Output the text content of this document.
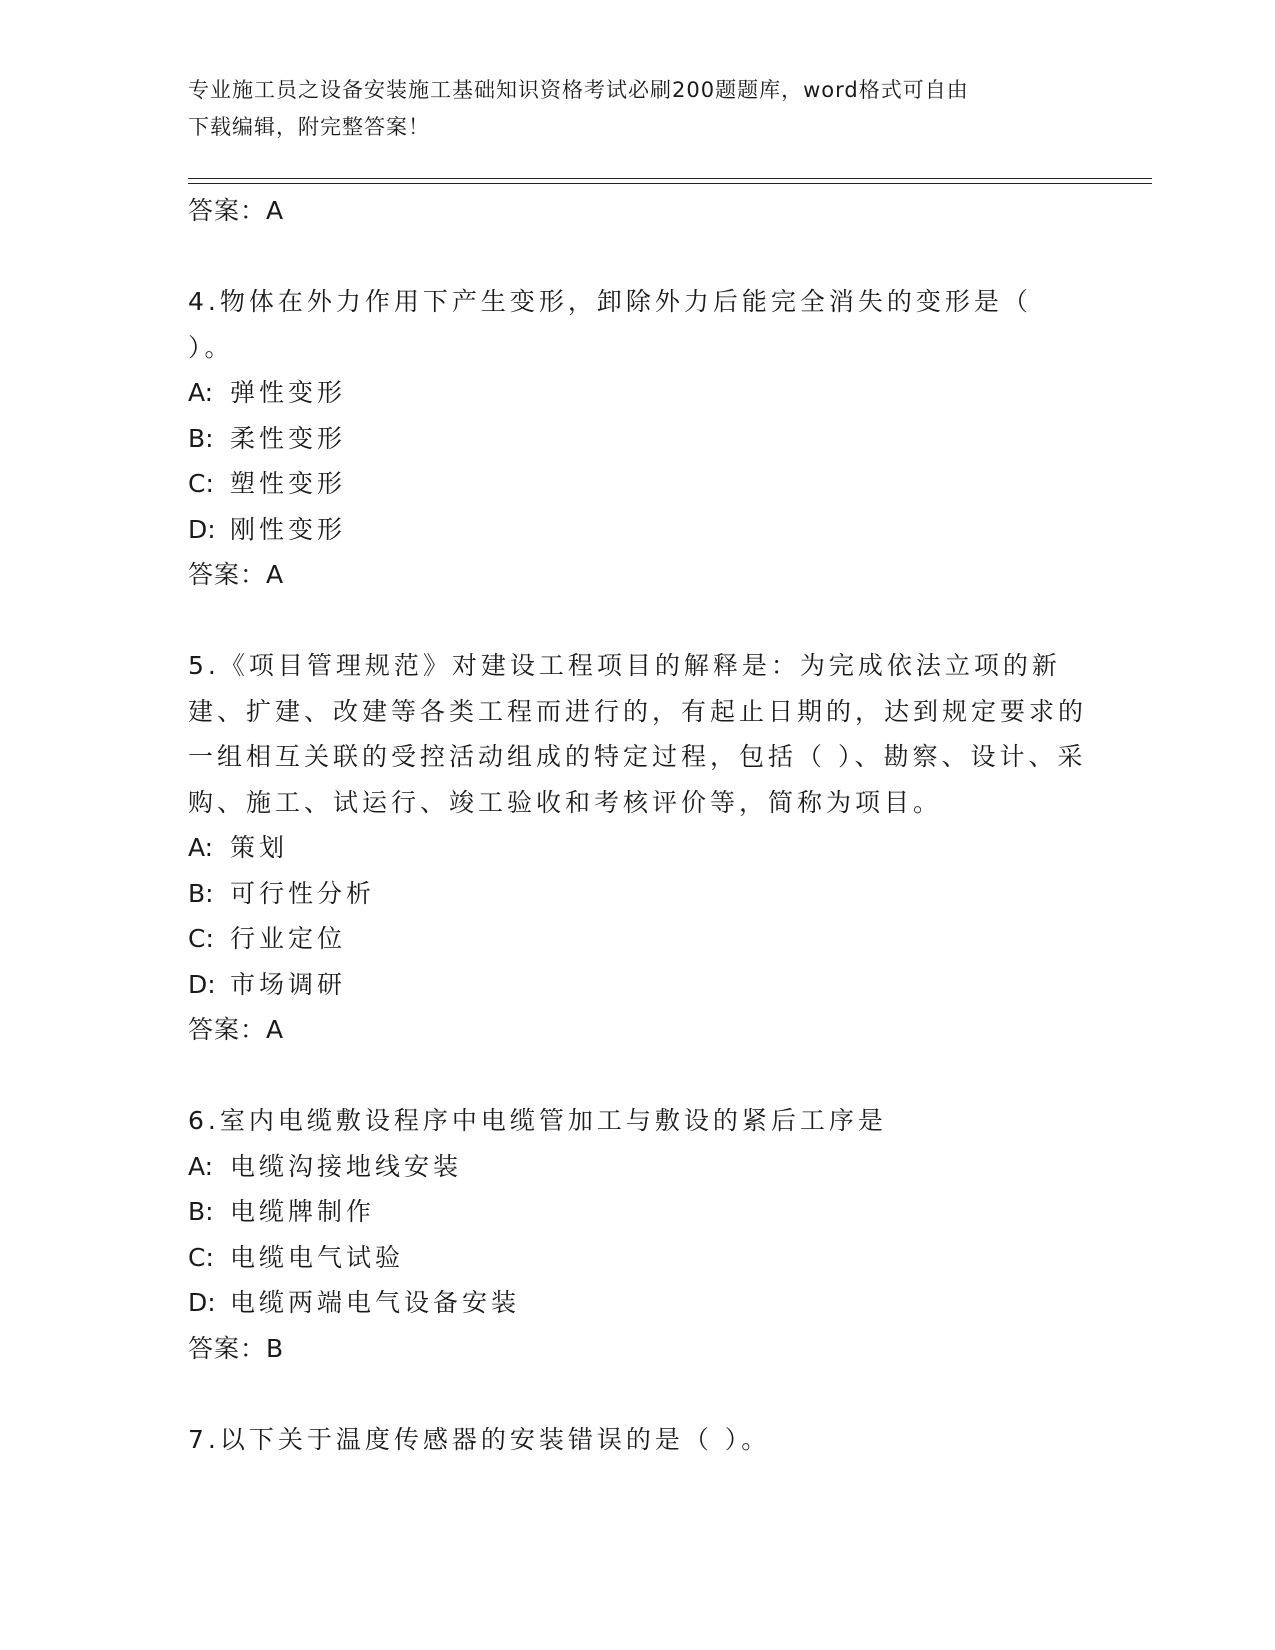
专业施工员之设备安装施工基础知识资格考试必刷200题题库，word格式可自由
下载编辑，附完整答案！
答案：A
4.物体在外力作用下产生变形，卸除外力后能完全消失的变形是（ ）。
A: 弹性变形
B: 柔性变形
C: 塑性变形
D: 刚性变形
答案：A
5.《项目管理规范》对建设工程项目的解释是：为完成依法立项的新建、扩建、改建等各类工程而进行的，有起止日期的，达到规定要求的一组相互关联的受控活动组成的特定过程，包括（ ）、勘察、设计、采购、施工、试运行、竣工验收和考核评价等，简称为项目。
A: 策划
B: 可行性分析
C: 行业定位
D: 市场调研
答案：A
6.室内电缆敷设程序中电缆管加工与敷设的紧后工序是
A: 电缆沟接地线安装
B: 电缆牌制作
C: 电缆电气试验
D: 电缆两端电气设备安装
答案：B
7.以下关于温度传感器的安装错误的是（ ）。
